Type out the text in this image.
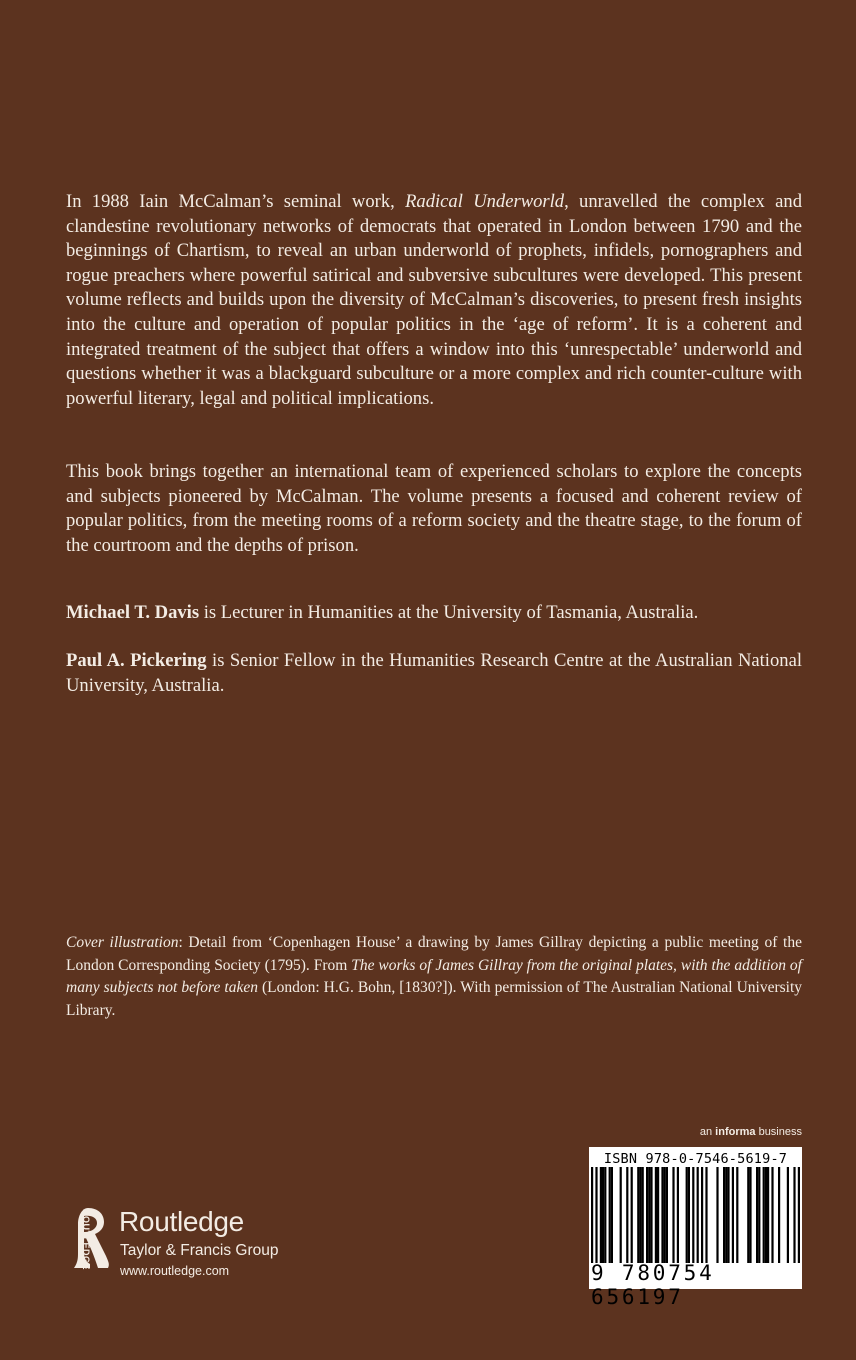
In 1988 Iain McCalman’s seminal work, Radical Underworld, unravelled the complex and clandestine revolutionary networks of democrats that operated in London between 1790 and the beginnings of Chartism, to reveal an urban underworld of prophets, infidels, pornographers and rogue preachers where powerful satirical and subversive subcultures were developed. This present volume reflects and builds upon the diversity of McCalman’s discoveries, to present fresh insights into the culture and operation of popular politics in the ‘age of reform’. It is a coherent and integrated treatment of the subject that offers a window into this ‘unrespectable’ underworld and questions whether it was a blackguard subculture or a more complex and rich counter-culture with powerful literary, legal and political implications.

This book brings together an international team of experienced scholars to explore the concepts and subjects pioneered by McCalman. The volume presents a focused and coherent review of popular politics, from the meeting rooms of a reform society and the theatre stage, to the forum of the courtroom and the depths of prison.

Michael T. Davis is Lecturer in Humanities at the University of Tasmania, Australia.

Paul A. Pickering is Senior Fellow in the Humanities Research Centre at the Australian National University, Australia.

Cover illustration: Detail from ‘Copenhagen House’ a drawing by James Gillray depicting a public meeting of the London Corresponding Society (1795). From The works of James Gillray from the original plates, with the addition of many subjects not before taken (London: H.G. Bohn, [1830?]). With permission of The Australian National University Library.

ROUTLEDGE Routledge
Taylor & Francis Group
www.routledge.com
an informa business
ISBN 978-0-7546-5619-7
9 780754 656197
